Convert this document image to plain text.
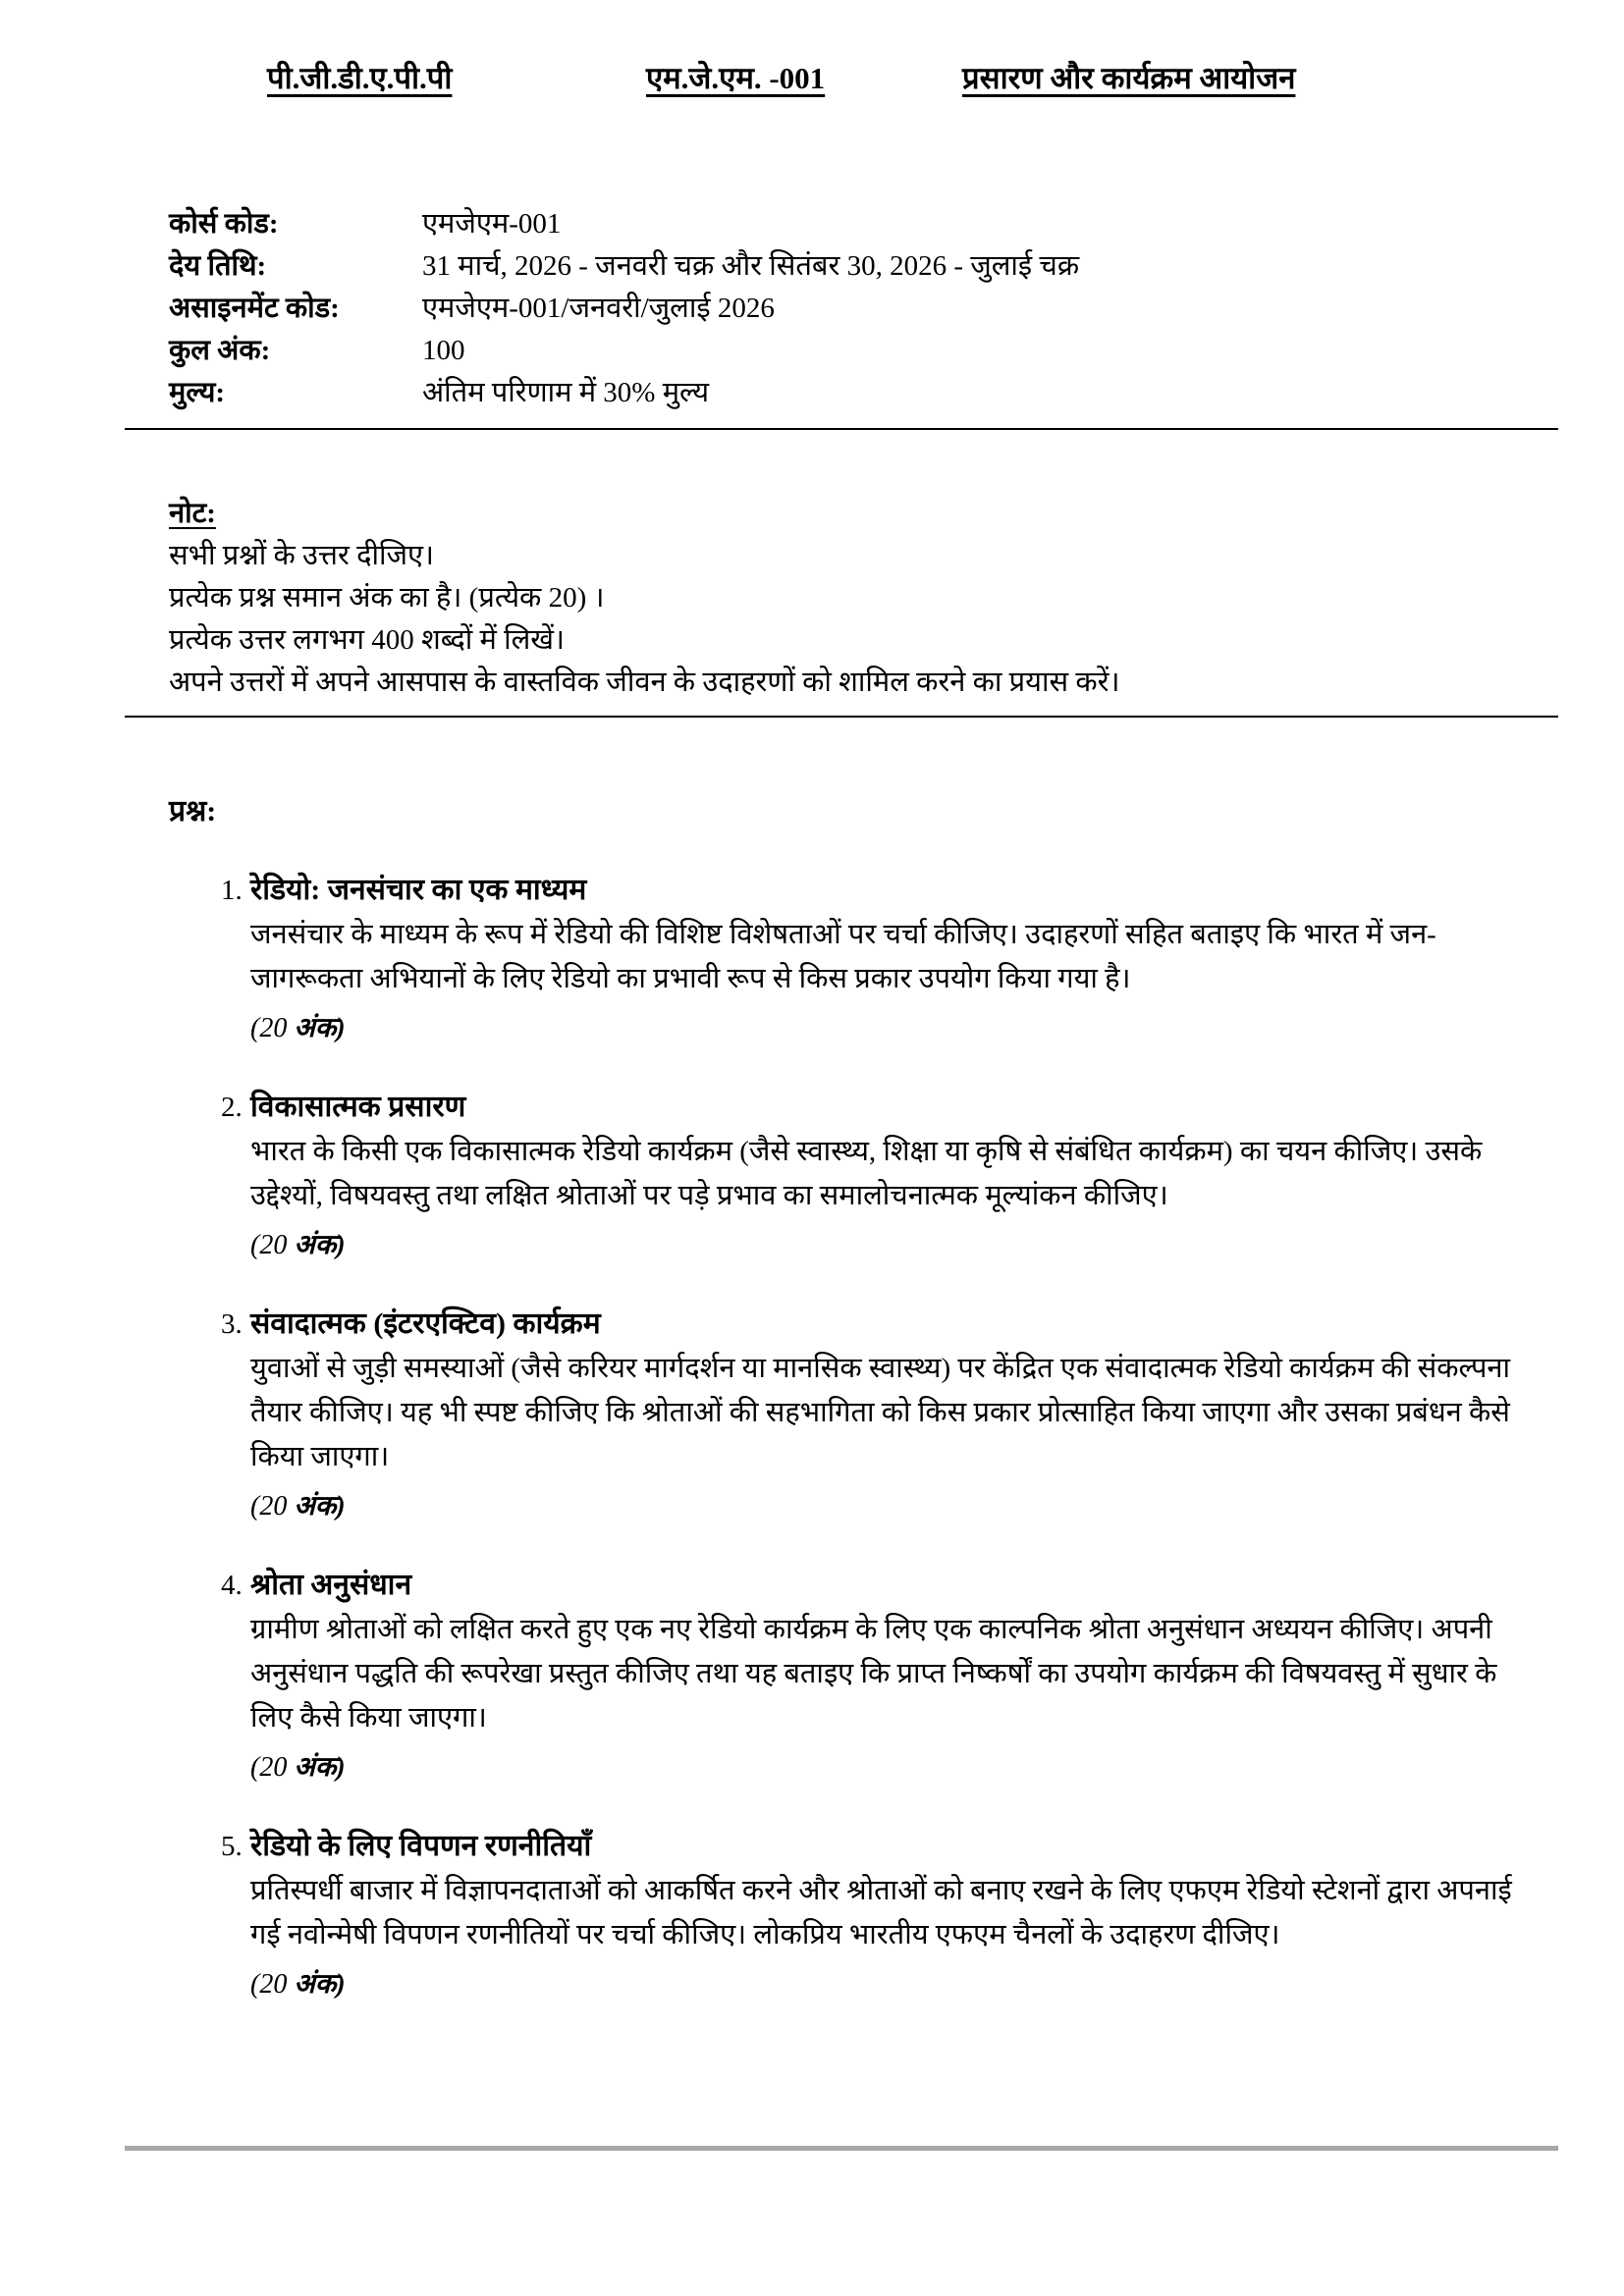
पी.जी.डी.ए.पी.पी	एम.जे.एम. -001	प्रसारण और कार्यक्रम आयोजन
कोर्स कोड:	एमजेएम-001
देय तिथि:	31 मार्च, 2026 - जनवरी चक्र और सितंबर 30, 2026 - जुलाई चक्र
असाइनमेंट कोड:	एमजेएम-001/जनवरी/जुलाई 2026
कुल अंक:	100
मुल्य:	अंतिम परिणाम में 30% मुल्य
नोट:
सभी प्रश्नों के उत्तर दीजिए।
प्रत्येक प्रश्न समान अंक का है। (प्रत्येक 20) ।
प्रत्येक उत्तर लगभग 400 शब्दों में लिखें।
अपने उत्तरों में अपने आसपास के वास्तविक जीवन के उदाहरणों को शामिल करने का प्रयास करें।
प्रश्न:
1. रेडियो: जनसंचार का एक माध्यम
जनसंचार के माध्यम के रूप में रेडियो की विशिष्ट विशेषताओं पर चर्चा कीजिए। उदाहरणों सहित बताइए कि भारत में जन-जागरूकता अभियानों के लिए रेडियो का प्रभावी रूप से किस प्रकार उपयोग किया गया है।
(20 अंक)
2. विकासात्मक प्रसारण
भारत के किसी एक विकासात्मक रेडियो कार्यक्रम (जैसे स्वास्थ्य, शिक्षा या कृषि से संबंधित कार्यक्रम) का चयन कीजिए। उसके उद्देश्यों, विषयवस्तु तथा लक्षित श्रोताओं पर पड़े प्रभाव का समालोचनात्मक मूल्यांकन कीजिए।
(20 अंक)
3. संवादात्मक (इंटरएक्टिव) कार्यक्रम
युवाओं से जुड़ी समस्याओं (जैसे करियर मार्गदर्शन या मानसिक स्वास्थ्य) पर केंद्रित एक संवादात्मक रेडियो कार्यक्रम की संकल्पना तैयार कीजिए। यह भी स्पष्ट कीजिए कि श्रोताओं की सहभागिता को किस प्रकार प्रोत्साहित किया जाएगा और उसका प्रबंधन कैसे किया जाएगा।
(20 अंक)
4. श्रोता अनुसंधान
ग्रामीण श्रोताओं को लक्षित करते हुए एक नए रेडियो कार्यक्रम के लिए एक काल्पनिक श्रोता अनुसंधान अध्ययन कीजिए। अपनी अनुसंधान पद्धति की रूपरेखा प्रस्तुत कीजिए तथा यह बताइए कि प्राप्त निष्कर्षों का उपयोग कार्यक्रम की विषयवस्तु में सुधार के लिए कैसे किया जाएगा।
(20 अंक)
5. रेडियो के लिए विपणन रणनीतियाँ
प्रतिस्पर्धी बाजार में विज्ञापनदाताओं को आकर्षित करने और श्रोताओं को बनाए रखने के लिए एफएम रेडियो स्टेशनों द्वारा अपनाई गई नवोन्मेषी विपणन रणनीतियों पर चर्चा कीजिए। लोकप्रिय भारतीय एफएम चैनलों के उदाहरण दीजिए।
(20 अंक)
